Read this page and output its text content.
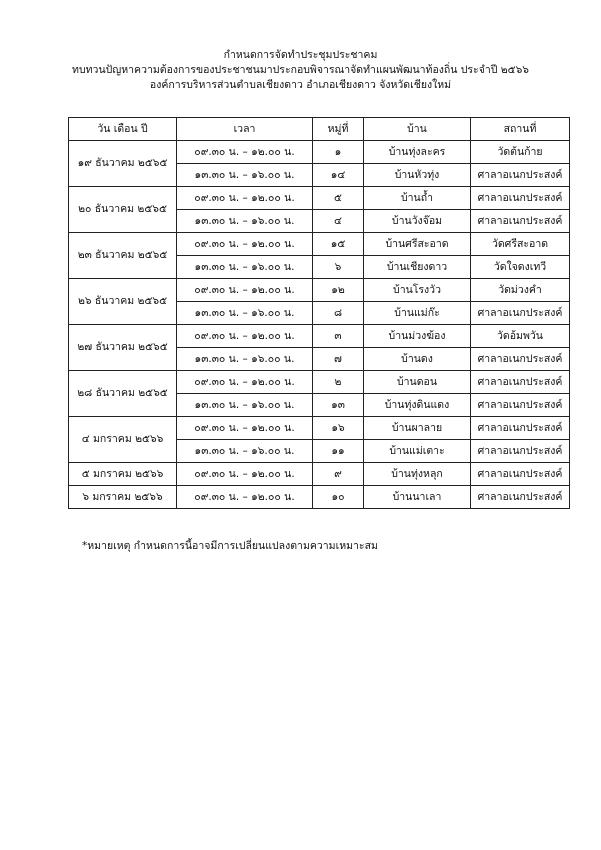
กำหนดการจัดทำประชุมประชาคม
ทบทวนปัญหาความต้องการของประชาชนมาประกอบพิจารณาจัดทำแผนพัฒนาท้องถิ่น ประจำปี ๒๕๖๖
องค์การบริหารส่วนตำบลเชียงดาว อำเภอเชียงดาว จังหวัดเชียงใหม่
วัน เดือน ปี	เวลา	หมู่ที่	บ้าน	สถานที่
๑๙ ธันวาคม ๒๕๖๕	๐๙.๓๐ น. – ๑๒.๐๐ น.	๑	บ้านทุ่งละคร	วัดต้นก้าย
	๑๓.๓๐ น. – ๑๖.๐๐ น.	๑๔	บ้านหัวทุ่ง	ศาลาอเนกประสงค์
๒๐ ธันวาคม ๒๕๖๕	๐๙.๓๐ น. – ๑๒.๐๐ น.	๕	บ้านถ้ำ	ศาลาอเนกประสงค์
	๑๓.๓๐ น. – ๑๖.๐๐ น.	๔	บ้านวังจ๊อม	ศาลาอเนกประสงค์
๒๓ ธันวาคม ๒๕๖๕	๐๙.๓๐ น. – ๑๒.๐๐ น.	๑๕	บ้านศรีสะอาด	วัดศรีสะอาด
	๑๓.๓๐ น. – ๑๖.๐๐ น.	๖	บ้านเชียงดาว	วัดใจดงเทวี
๒๖ ธันวาคม ๒๕๖๕	๐๙.๓๐ น. – ๑๒.๐๐ น.	๑๒	บ้านโรงวัว	วัดม่วงคำ
	๑๓.๓๐ น. – ๑๖.๐๐ น.	๘	บ้านแม่ก๊ะ	ศาลาอเนกประสงค์
๒๗ ธันวาคม ๒๕๖๕	๐๙.๓๐ น. – ๑๒.๐๐ น.	๓	บ้านม่วงฆ้อง	วัดอ้มพวัน
	๑๓.๓๐ น. – ๑๖.๐๐ น.	๗	บ้านดง	ศาลาอเนกประสงค์
๒๘ ธันวาคม ๒๕๖๕	๐๙.๓๐ น. – ๑๒.๐๐ น.	๒	บ้านดอน	ศาลาอเนกประสงค์
	๑๓.๓๐ น. – ๑๖.๐๐ น.	๑๓	บ้านทุ่งดินแดง	ศาลาอเนกประสงค์
๔ มกราคม ๒๕๖๖	๐๙.๓๐ น. – ๑๒.๐๐ น.	๑๖	บ้านผาลาย	ศาลาอเนกประสงค์
	๑๓.๓๐ น. – ๑๖.๐๐ น.	๑๑	บ้านแม่เตาะ	ศาลาอเนกประสงค์
๕ มกราคม ๒๕๖๖	๐๙.๓๐ น. – ๑๒.๐๐ น.	๙	บ้านทุ่งหลุก	ศาลาอเนกประสงค์
๖ มกราคม ๒๕๖๖	๐๙.๓๐ น. – ๑๒.๐๐ น.	๑๐	บ้านนาเลา	ศาลาอเนกประสงค์
*หมายเหตุ กำหนดการนี้อาจมีการเปลี่ยนแปลงตามความเหมาะสม
